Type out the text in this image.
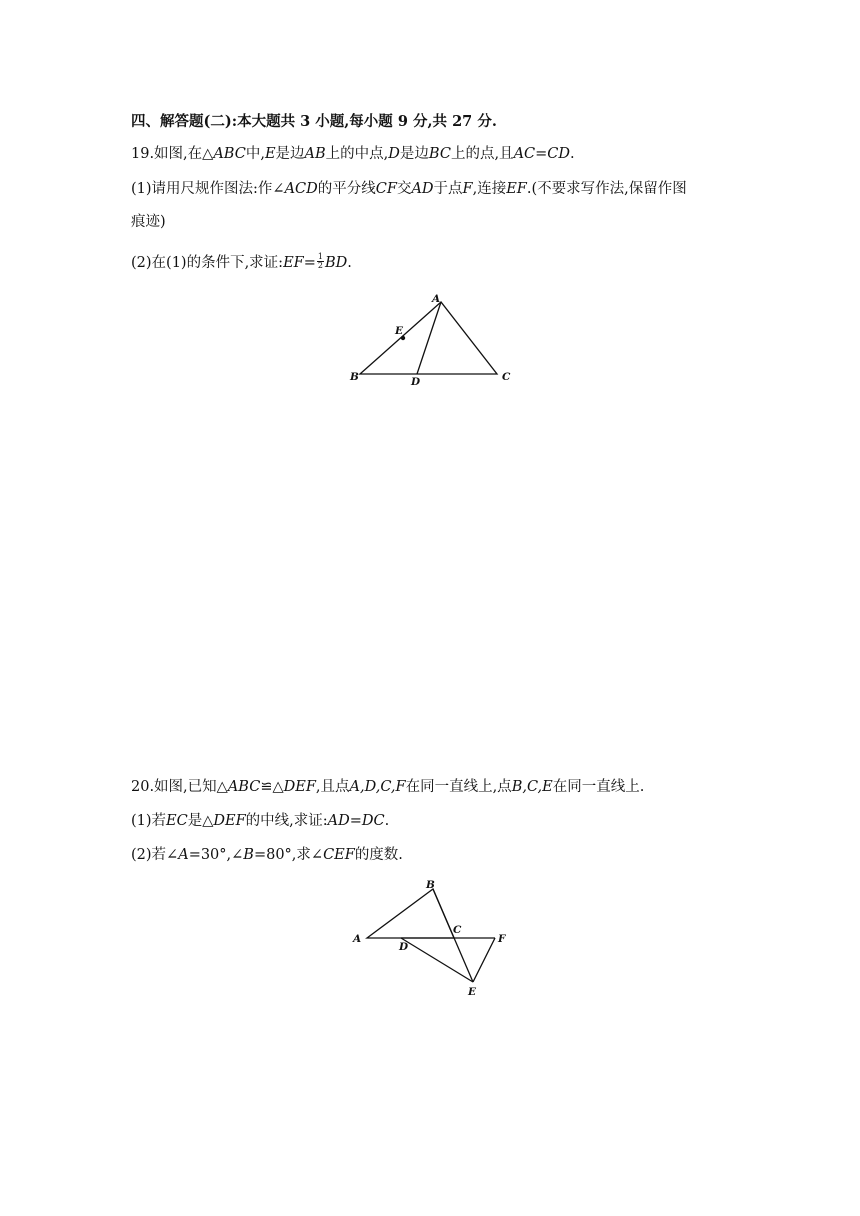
四、解答题(二):本大题共 3 小题,每小题 9 分,共 27 分.
19.如图,在△ABC中,E是边AB上的中点,D是边BC上的点,且AC=CD.
(1)请用尺规作图法:作∠ACD的平分线CF交AD于点F,连接EF.(不要求写作法,保留作图
痕迹)
(2)在(1)的条件下,求证:EF= $\frac{1}{2}$ BD.
A
E
B	D	C
20.如图,已知△ABC≌△DEF,且点A,D,C,F在同一直线上,点B,C,E在同一直线上.
(1)若EC是△DEF的中线,求证:AD=DC.
(2)若∠A=30°,∠B=80°,求∠CEF的度数.
B
A
C
D
F
E
